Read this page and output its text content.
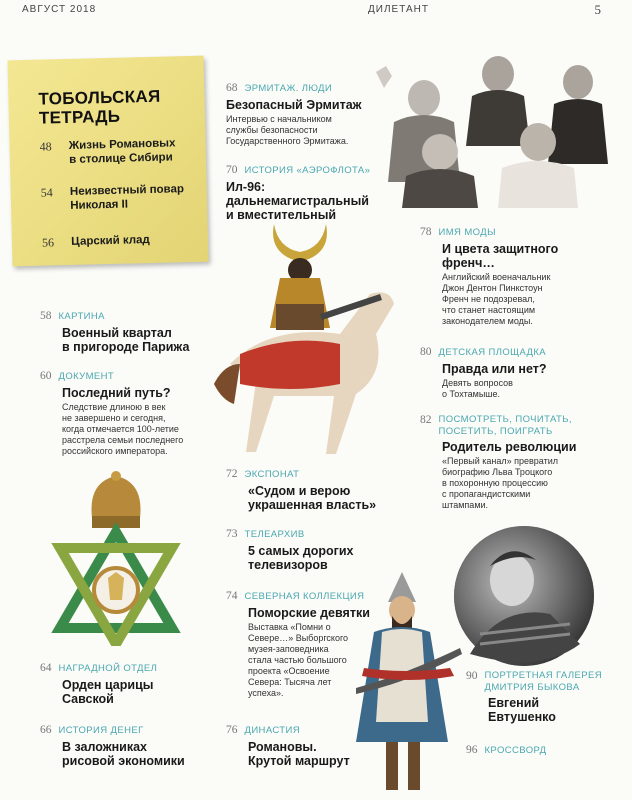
АВГУСТ 2018	ДИЛЕТАНТ	5
ТОБОЛЬСКАЯ
ТЕТРАДЬ
48 Жизнь Романовых
в столице Сибири
54 Неизвестный повар
Николая II
56 Царский клад
68 ЭРМИТАЖ. ЛЮДИ
Безопасный Эрмитаж
Интервью с начальником
службы безопасности
Государственного Эрмитажа.
70 ИСТОРИЯ «АЭРОФЛОТА»
Ил-96:
дальнемагистральный
и вместительный
78 ИМЯ МОДЫ
И цвета защитного
френч…
Английский военачальник
Джон Дентон Пинкстоун
Френч не подозревал,
что станет настоящим
законодателем моды.
58 КАРТИНА
Военный квартал
в пригороде Парижа
60 ДОКУМЕНТ
Последний путь?
Следствие длиною в век
не завершено и сегодня,
когда отмечается 100-летие
расстрела семьи последнего
российского императора.
80 ДЕТСКАЯ ПЛОЩАДКА
Правда или нет?
Девять вопросов
о Тохтамыше.
82 ПОСМОТРЕТЬ, ПОЧИТАТЬ,
ПОСЕТИТЬ, ПОИГРАТЬ
Родитель революции
«Первый канал» превратил
биографию Льва Троцкого
в похоронную процессию
с пропагандистскими
штампами.
72 ЭКСПОНАТ
«Судом и верою
украшенная власть»
73 ТЕЛЕАРХИВ
5 самых дорогих
телевизоров
74 СЕВЕРНАЯ КОЛЛЕКЦИЯ
Поморские девятки
Выставка «Помни о
Севере…» Выборгского
музея-заповедника
стала частью большого
проекта «Освоение
Севера: Тысяча лет
успеха».
64 НАГРАДНОЙ ОТДЕЛ
Орден царицы
Савской
66 ИСТОРИЯ ДЕНЕГ
В заложниках
рисовой экономики
76 ДИНАСТИЯ
Романовы.
Крутой маршрут
90 ПОРТРЕТНАЯ ГАЛЕРЕЯ
ДМИТРИЯ БЫКОВА
Евгений
Евтушенко
96 КРОССВОРД
